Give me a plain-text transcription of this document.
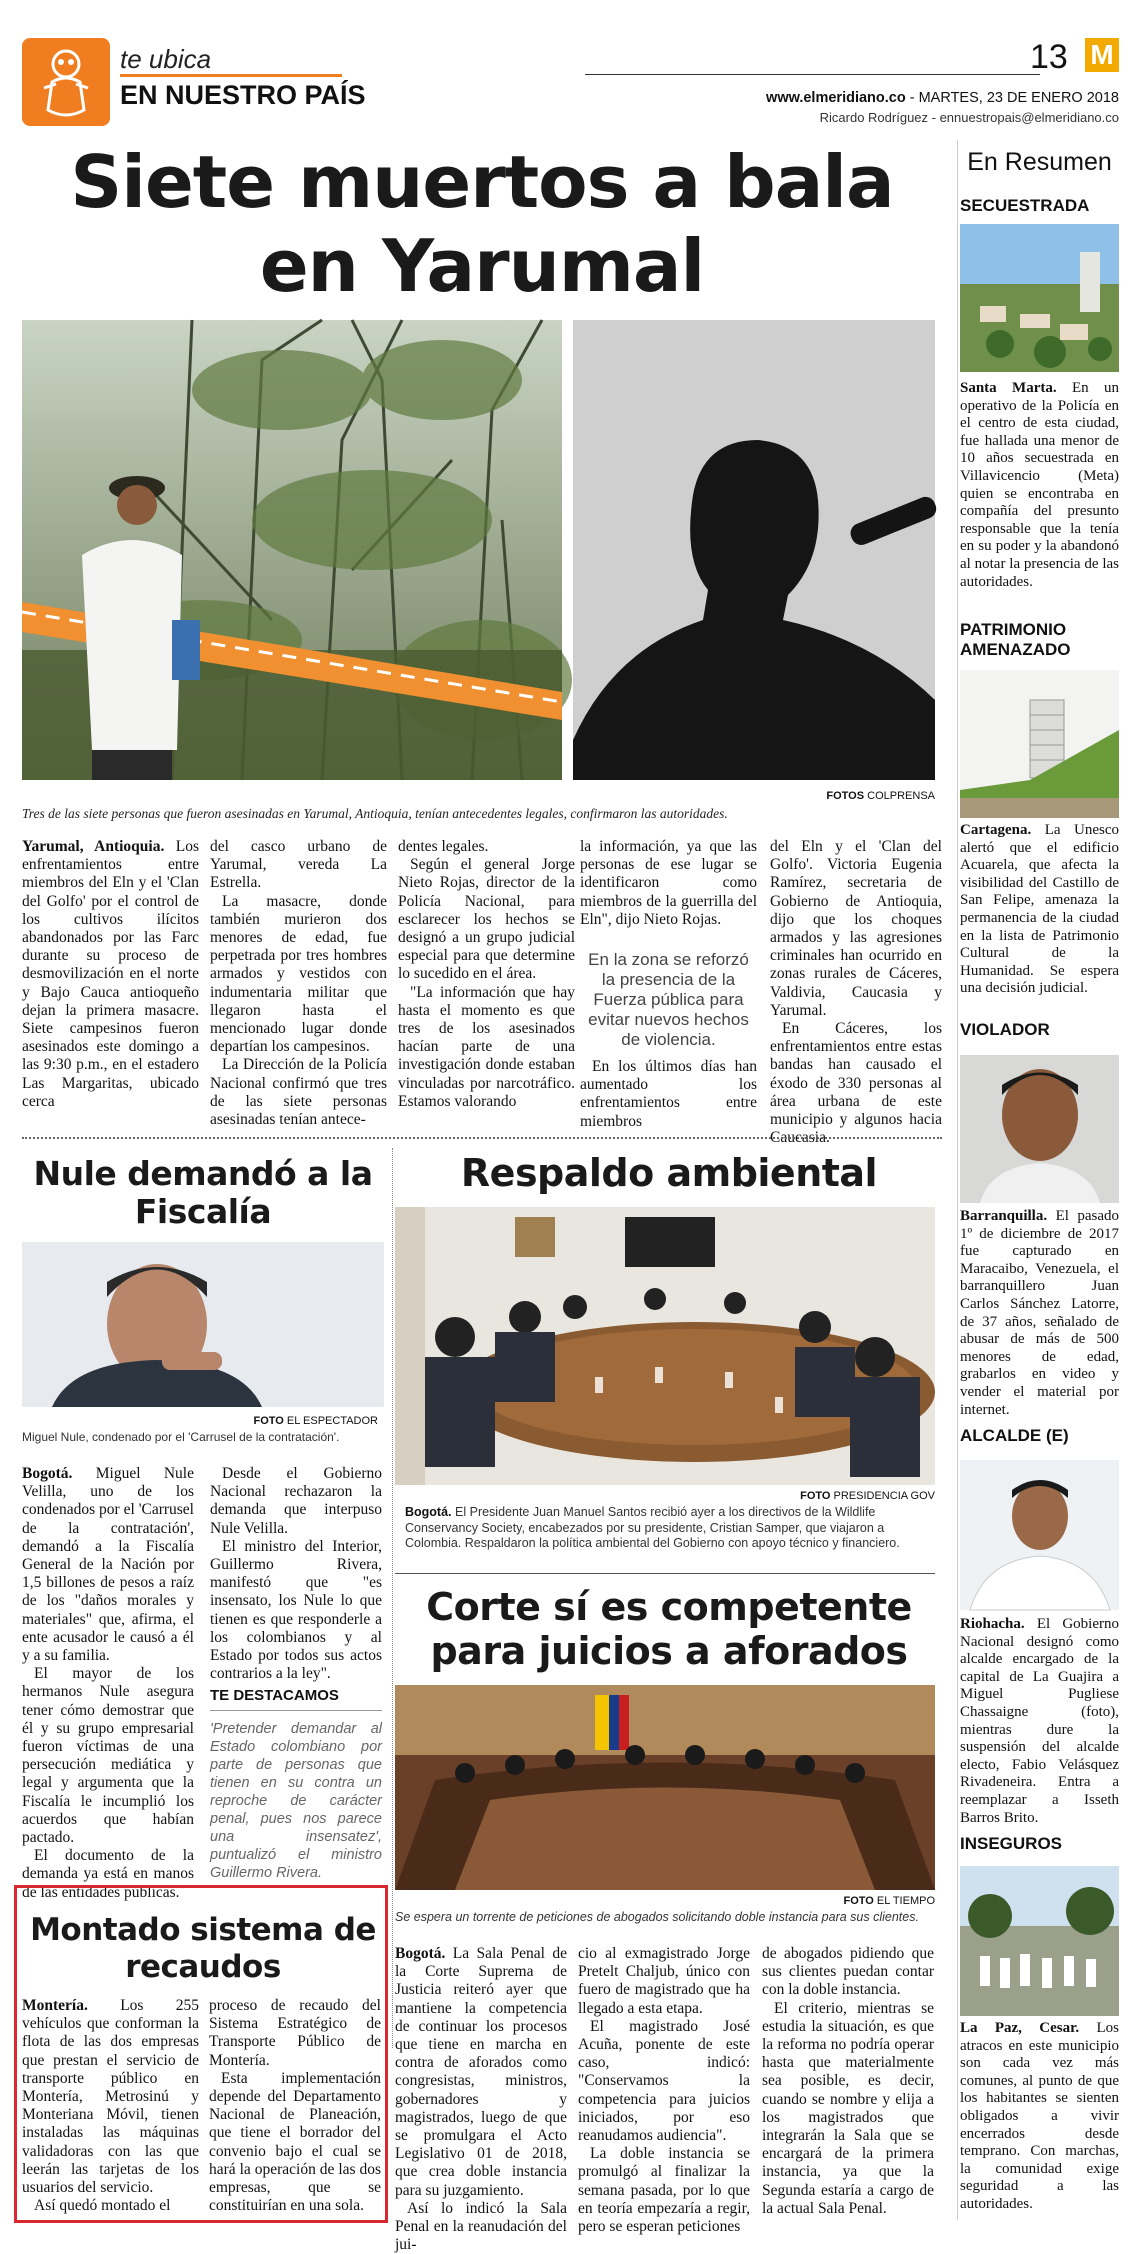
te ubica
EN NUESTRO PAÍS
13 M
www.elmeridiano.co - MARTES, 23 DE ENERO 2018
Ricardo Rodríguez - ennuestropais@elmeridiano.co
Siete muertos a bala en Yarumal
FOTOS COLPRENSA
Tres de las siete personas que fueron asesinadas en Yarumal, Antioquia, tenían antecedentes legales, confirmaron las autoridades.

Yarumal, Antioquia. Los enfrentamientos entre miembros del Eln y el 'Clan del Golfo' por el control de los cultivos ilícitos abandonados por las Farc durante su proceso de desmovilización en el norte y Bajo Cauca antioqueño dejan la primera masacre. Siete campesinos fueron asesinados este domingo a las 9:30 p.m., en el estadero Las Margaritas, ubicado cerca

del casco urbano de Yarumal, vereda La Estrella.

La masacre, donde también murieron dos menores de edad, fue perpetrada por tres hombres armados y vestidos con indumentaria militar que llegaron hasta el mencionado lugar donde departían los campesinos.

La Dirección de la Policía Nacional confirmó que tres de las siete personas asesinadas tenían antece-

dentes legales.

Según el general Jorge Nieto Rojas, director de la Policía Nacional, para esclarecer los hechos se designó a un grupo judicial especial para que determine lo sucedido en el área.

"La información que hay hasta el momento es que tres de los asesinados hacían parte de una investigación donde estaban vinculadas por narcotráfico. Estamos valorando

la información, ya que las personas de ese lugar se identificaron como miembros de la guerrilla del Eln", dijo Nieto Rojas.

En la zona se reforzó la presencia de la Fuerza pública para evitar nuevos hechos de violencia.

En los últimos días han aumentado los enfrentamientos entre miembros

del Eln y el 'Clan del Golfo'. Victoria Eugenia Ramírez, secretaria de Gobierno de Antioquia, dijo que los choques armados y las agresiones criminales han ocurrido en zonas rurales de Cáceres, Valdivia, Caucasia y Yarumal.

En Cáceres, los enfrentamientos entre estas bandas han causado el éxodo de 330 personas al área urbana de este municipio y algunos hacia Caucasia.

En Resumen
SECUESTRADA
Santa Marta. En un operativo de la Policía en el centro de esta ciudad, fue hallada una menor de 10 años secuestrada en Villavicencio (Meta) quien se encontraba en compañía del presunto responsable que la tenía en su poder y la abandonó al notar la presencia de las autoridades.
PATRIMONIO AMENAZADO
Cartagena. La Unesco alertó que el edificio Acuarela, que afecta la visibilidad del Castillo de San Felipe, amenaza la permanencia de la ciudad en la lista de Patrimonio Cultural de la Humanidad. Se espera una decisión judicial.
VIOLADOR
Barranquilla. El pasado 1º de diciembre de 2017 fue capturado en Maracaibo, Venezuela, el barranquillero Juan Carlos Sánchez Latorre, de 37 años, señalado de abusar de más de 500 menores de edad, grabarlos en video y vender el material por internet.
ALCALDE (E)
Riohacha. El Gobierno Nacional designó como alcalde encargado de la capital de La Guajira a Miguel Pugliese Chassaigne (foto), mientras dure la suspensión del alcalde electo, Fabio Velásquez Rivadeneira. Entra a reemplazar a Isseth Barros Brito.
INSEGUROS
La Paz, Cesar. Los atracos en este municipio son cada vez más comunes, al punto de que los habitantes se sienten obligados a vivir encerrados desde temprano. Con marchas, la comunidad exige seguridad a las autoridades.
Nule demandó a la Fiscalía
FOTO EL ESPECTADOR
Miguel Nule, condenado por el 'Carrusel de la contratación'.

Bogotá. Miguel Nule Velilla, uno de los condenados por el 'Carrusel de la contratación', demandó a la Fiscalía General de la Nación por 1,5 billones de pesos a raíz de los "daños morales y materiales" que, afirma, el ente acusador le causó a él y a su familia.

El mayor de los hermanos Nule asegura tener cómo demostrar que él y su grupo empresarial fueron víctimas de una persecución mediática y legal y argumenta que la Fiscalía le incumplió los acuerdos que habían pactado.

El documento de la demanda ya está en manos de las entidades públicas.

Desde el Gobierno Nacional rechazaron la demanda que interpuso Nule Velilla.

El ministro del Interior, Guillermo Rivera, manifestó que "es insensato, los Nule lo que tienen es que responderle a los colombianos y al Estado por todos sus actos contrarios a la ley".

TE DESTACAMOS
'Pretender demandar al Estado colombiano por parte de personas que tienen en su contra un reproche de carácter penal, pues nos parece una insensatez', puntualizó el ministro Guillermo Rivera.
Respaldo ambiental
FOTO PRESIDENCIA GOV
Bogotá. El Presidente Juan Manuel Santos recibió ayer a los directivos de la Wildlife Conservancy Society, encabezados por su presidente, Cristian Samper, que viajaron a Colombia. Respaldaron la política ambiental del Gobierno con apoyo técnico y financiero.
Corte sí es competente para juicios a aforados
FOTO EL TIEMPO
Se espera un torrente de peticiones de abogados solicitando doble instancia para sus clientes.

Bogotá. La Sala Penal de la Corte Suprema de Justicia reiteró ayer que mantiene la competencia de continuar los procesos que tiene en marcha en contra de aforados como congresistas, ministros, gobernadores y magistrados, luego de que se promulgara el Acto Legislativo 01 de 2018, que crea doble instancia para su juzgamiento.

Así lo indicó la Sala Penal en la reanudación del jui-

cio al exmagistrado Jorge Pretelt Chaljub, único con fuero de magistrado que ha llegado a esta etapa.

El magistrado José Acuña, ponente de este caso, indicó: "Conservamos la competencia para juicios iniciados, por eso reanudamos audiencia".

La doble instancia se promulgó al finalizar la semana pasada, por lo que en teoría empezaría a regir, pero se esperan peticiones

de abogados pidiendo que sus clientes puedan contar con la doble instancia.

El criterio, mientras se estudia la situación, es que la reforma no podría operar hasta que materialmente sea posible, es decir, cuando se nombre y elija a los magistrados que integrarán la Sala que se encargará de la primera instancia, ya que la Segunda estaría a cargo de la actual Sala Penal.

Montado sistema de recaudos

Montería. Los 255 vehículos que conforman la flota de las dos empresas que prestan el servicio de transporte público en Montería, Metrosinú y Monteriana Móvil, tienen instaladas las máquinas validadoras con las que leerán las tarjetas de los usuarios del servicio.

Así quedó montado el

proceso de recaudo del Sistema Estratégico de Transporte Público de Montería.

Esta implementación depende del Departamento Nacional de Planeación, que tiene el borrador del convenio bajo el cual se hará la operación de las dos empresas, que se constituirían en una sola.
